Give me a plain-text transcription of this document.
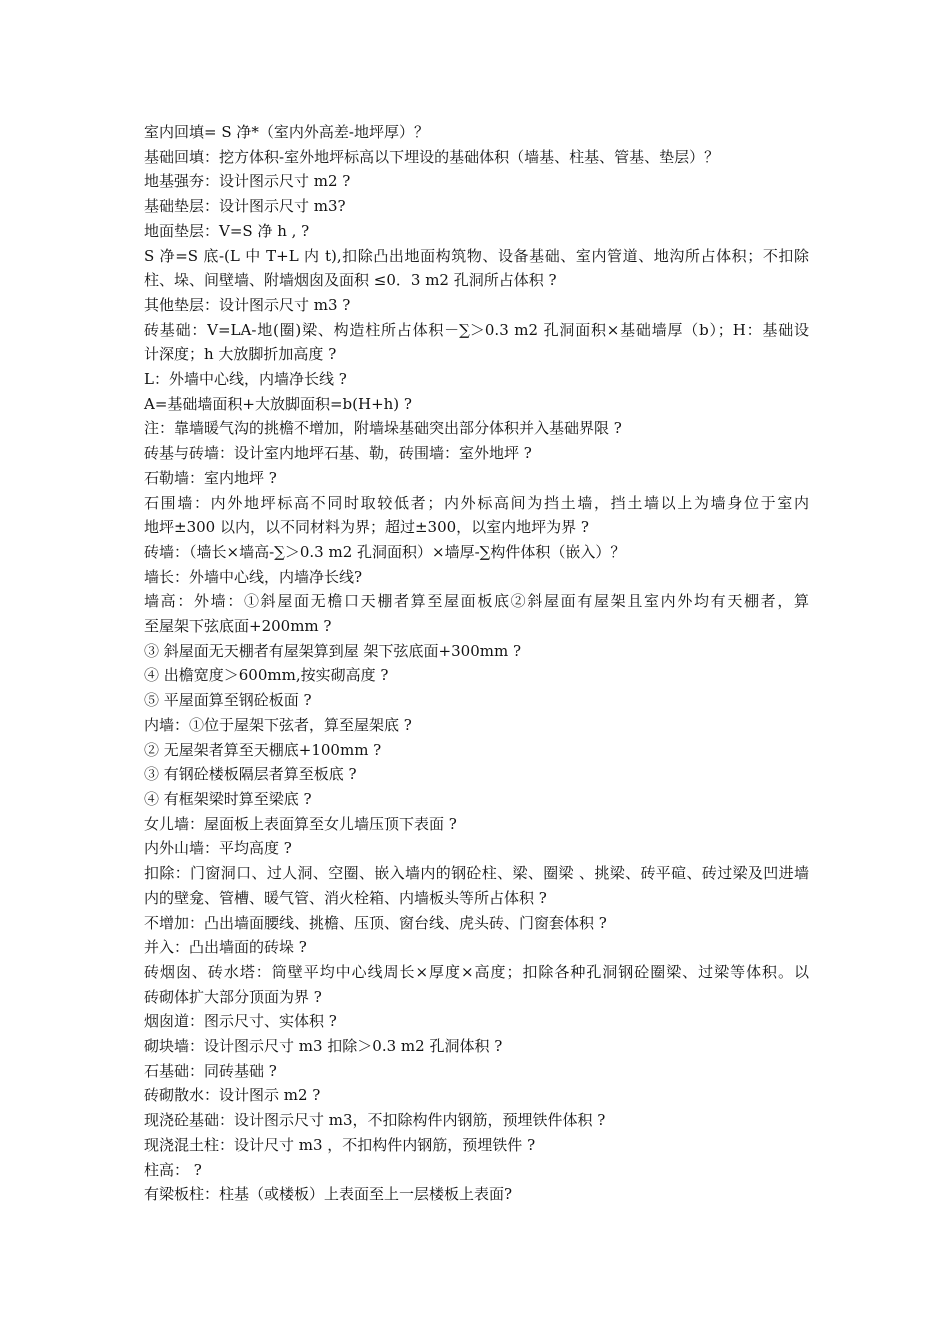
室内回填= S 净*（室内外高差-地坪厚）？

基础回填：挖方体积-室外地坪标高以下埋设的基础体积（墙基、柱基、管基、垫层）？

地基强夯：设计图示尺寸 m2 ?

基础垫层：设计图示尺寸 m3?

地面垫层：V=S 净 h , ?

S 净=S 底-(L 中 T+L 内 t),扣除凸出地面构筑物、设备基础、室内管道、地沟所占体积；不扣除

柱、垛、间壁墙、附墙烟囱及面积 ≤0．3 m2 孔洞所占体积 ?

其他垫层：设计图示尺寸 m3 ?

砖基础：V=LA-地(圈)梁、构造柱所占体积－∑＞0.3 m2 孔洞面积×基础墙厚（b）；H：基础设

计深度；h 大放脚折加高度 ?

L：外墙中心线，内墙净长线 ?

A=基础墙面积+大放脚面积=b(H+h) ?

注：靠墙暖气沟的挑檐不增加，附墙垛基础突出部分体积并入基础界限 ?

砖基与砖墙：设计室内地坪石基、勒，砖围墙：室外地坪 ?

石勒墙：室内地坪 ?

石围墙：内外地坪标高不同时取较低者；内外标高间为挡土墙，挡土墙以上为墙身位于室内

地坪±300 以内，以不同材料为界；超过±300，以室内地坪为界 ?

砖墙：（墙长×墙高-∑＞0.3 m2 孔洞面积）×墙厚-∑构件体积（嵌入）？

墙长：外墙中心线，内墙净长线?

墙高：外墙：①斜屋面无檐口天棚者算至屋面板底②斜屋面有屋架且室内外均有天棚者，算

至屋架下弦底面+200mm ?

③ 斜屋面无天棚者有屋架算到屋 架下弦底面+300mm ?

④ 出檐宽度＞600mm,按实砌高度 ?

⑤ 平屋面算至钢砼板面 ?

内墙：①位于屋架下弦者，算至屋架底 ?

② 无屋架者算至天棚底+100mm ?

③ 有钢砼楼板隔层者算至板底 ?

④ 有框架梁时算至梁底 ?

女儿墙：屋面板上表面算至女儿墙压顶下表面 ?

内外山墙：平均高度 ?

扣除：门窗洞口、过人洞、空圈、嵌入墙内的钢砼柱、梁、圈梁 、挑梁、砖平碹、砖过梁及凹进墙

内的壁龛、管槽、暖气管、消火栓箱、内墙板头等所占体积 ?

不增加：凸出墙面腰线、挑檐、压顶、窗台线、虎头砖、门窗套体积 ?

并入：凸出墙面的砖垛 ?

砖烟囱、砖水塔：筒壁平均中心线周长×厚度×高度；扣除各种孔洞钢砼圈梁、过梁等体积。以

砖砌体扩大部分顶面为界 ?

烟囱道：图示尺寸、实体积 ?

砌块墙：设计图示尺寸 m3 扣除＞0.3 m2 孔洞体积 ?

石基础：同砖基础 ?

砖砌散水：设计图示 m2 ?

现浇砼基础：设计图示尺寸 m3，不扣除构件内钢筋，预埋铁件体积 ?

现浇混土柱：设计尺寸 m3 ，不扣构件内钢筋，预埋铁件 ?

柱高： ?

有梁板柱：柱基（或楼板）上表面至上一层楼板上表面?
